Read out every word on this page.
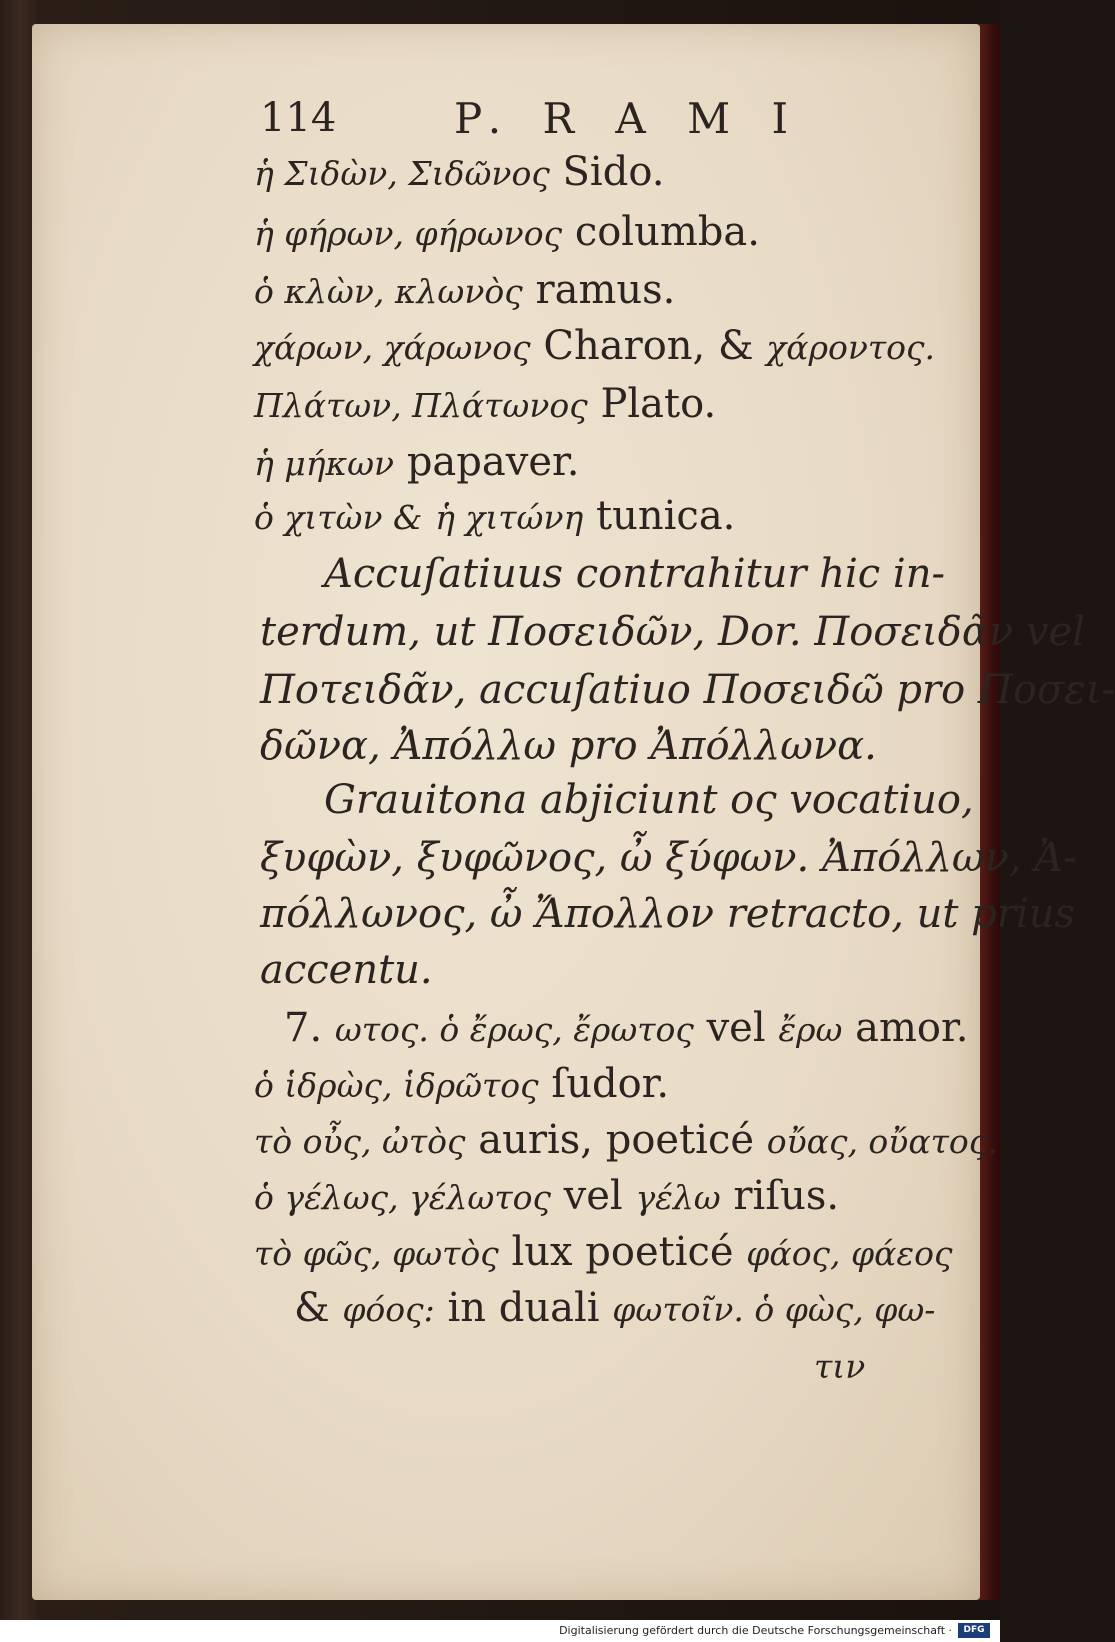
114	P. R A M I
ἡ Σιδὼν, Σιδῶνος Sido.
ἡ φήρων, φήρωνος columba.
ὁ κλὼν, κλωνὸς ramus.
χάρων, χάρωνος Charon, & χάροντος.
Πλάτων, Πλάτωνος Plato.
ἡ μήκων papaver.
ὁ χιτὼν & ἡ χιτώνη tunica.
Accuſatiuus contrahitur hic in-
terdum, ut Ποσειδῶν, Dor. Ποσειδᾶν vel
Ποτειδᾶν, accuſatiuo Ποσειδῶ pro Ποσει-
δῶνα, Ἀπόλλω pro Ἀπόλλωνα.
Grauitona abjiciunt ος vocatiuo,
ξυφὼν, ξυφῶνος, ὦ ξύφων. Ἀπόλλων, Ἀ-
πόλλωνος, ὦ Ἄπολλον retracto, ut prius
accentu.
7. ωτος. ὁ ἔρως, ἔρωτος vel ἔρω amor.
ὁ ἱδρὼς, ἱδρῶτος ſudor.
τὸ οὖς, ὠτὸς auris, poeticé οὔας, οὔατος.
ὁ γέλως, γέλωτος vel γέλω riſus.
τὸ φῶς, φωτὸς lux poeticé φάος, φάεος
& φόος: in duali φωτοῖν. ὁ φὼς, φω-
τιν
Digitalisierung gefördert durch die Deutsche Forschungsgemeinschaft ·	DFG
